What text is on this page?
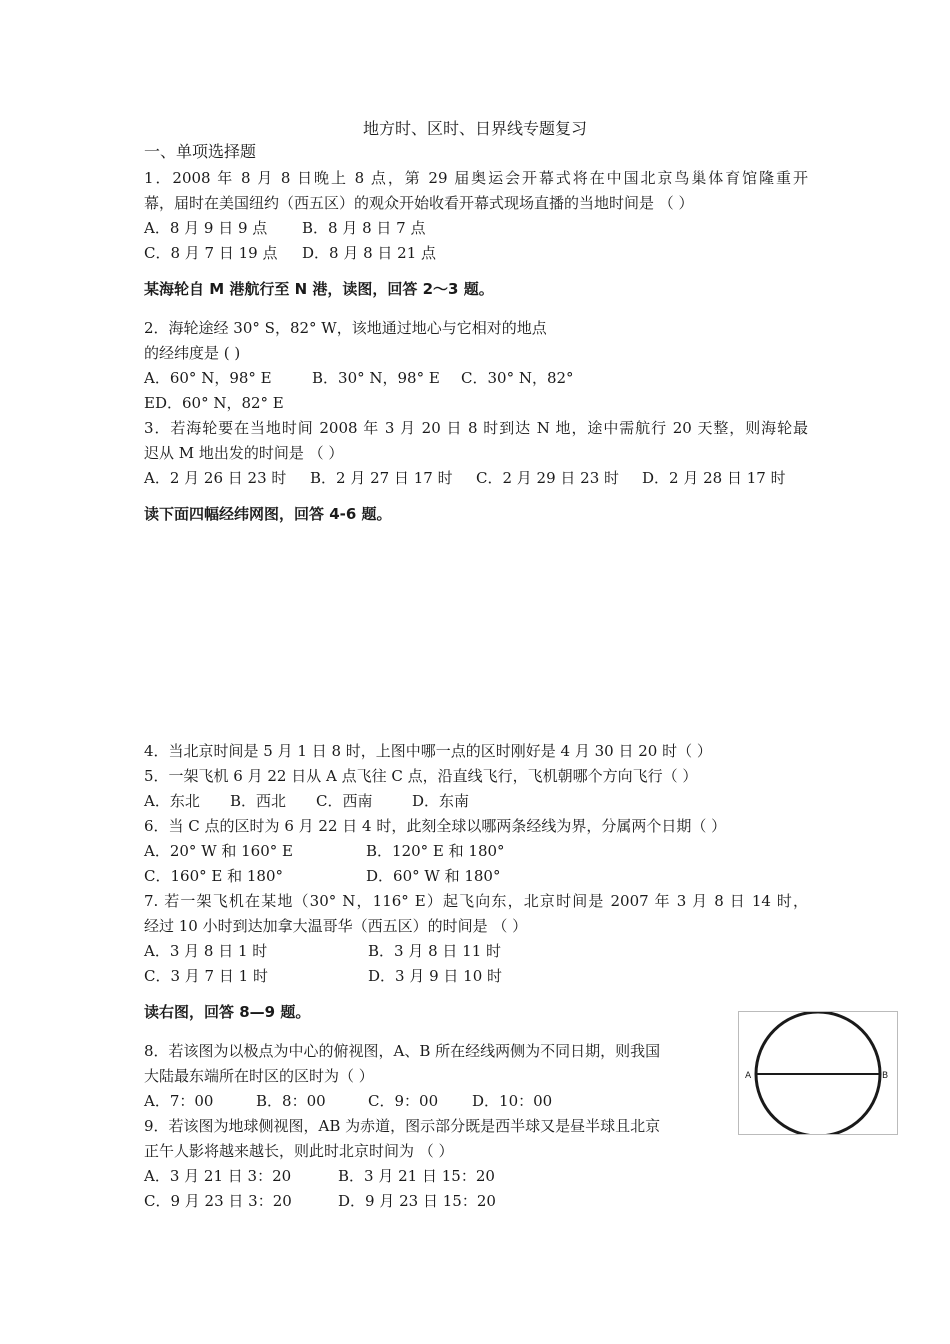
地方时、区时、日界线专题复习
一、单项选择题
1．2008 年 8 月 8 日晚上 8 点，第 29 届奥运会开幕式将在中国北京鸟巢体育馆隆重开
幕，届时在美国纽约（西五区）的观众开始收看开幕式现场直播的当地时间是 （ ）
A．8 月 9 日 9 点 B．8 月 8 日 7 点
C．8 月 7 日 19 点 D．8 月 8 日 21 点
某海轮自 M 港航行至 N 港，读图，回答 2～3 题。
2．海轮途经 30° S，82° W，该地通过地心与它相对的地点
的经纬度是 ( )
A．60° N，98° E	B．30° N，98° E C．30° N，82°
ED．60° N，82° E
3．若海轮要在当地时间 2008 年 3 月 20 日 8 时到达 N 地，途中需航行 20 天整，则海轮最
迟从 M 地出发的时间是 （ ）
A．2 月 26 日 23 时 B．2 月 27 日 17 时 C．2 月 29 日 23 时 D．2 月 28 日 17 时
读下面四幅经纬网图，回答 4-6 题。
4．当北京时间是 5 月 1 日 8 时，上图中哪一点的区时刚好是 4 月 30 日 20 时（ ）
5．一架飞机 6 月 22 日从 A 点飞往 C 点，沿直线飞行，飞机朝哪个方向飞行（ ）
A．东北 B．西北 C．西南	D．东南
6．当 C 点的区时为 6 月 22 日 4 时，此刻全球以哪两条经线为界，分属两个日期（ ）
A．20° W 和 160° E	B．120° E 和 180°
C．160° E 和 180°	D．60° W 和 180°
7. 若一架飞机在某地（30° N，116° E）起飞向东，北京时间是 2007 年 3 月 8 日 14 时，
经过 10 小时到达加拿大温哥华（西五区）的时间是 （ ）
A．3 月 8 日 1 时	B．3 月 8 日 11 时
C．3 月 7 日 1 时	D．3 月 9 日 10 时
读右图，回答 8—9 题。
8．若该图为以极点为中心的俯视图，A、B 所在经线两侧为不同日期，则我国
大陆最东端所在时区的区时为（ ）
A．7：00	B．8：00	C．9：00 D．10：00
9．若该图为地球侧视图，AB 为赤道，图示部分既是西半球又是昼半球且北京
正午人影将越来越长，则此时北京时间为 （ ）
A．3 月 21 日 3：20	B．3 月 21 日 15：20
C．9 月 23 日 3：20	D．9 月 23 日 15：20
A	B
